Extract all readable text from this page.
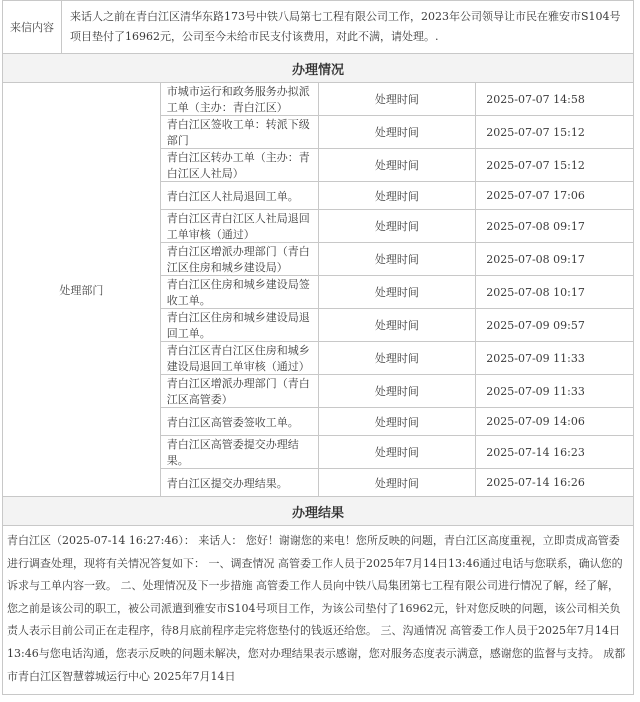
来信内容	来话人之前在青白江区清华东路173号中铁八局第七工程有限公司工作，2023年公司领导让市民在雅安市S104号项目垫付了16962元，公司至今未给市民支付该费用，对此不满，请处理。.
办理情况			
处理部门	市城市运行和政务服务办拟派工单（主办：青白江区）	处理时间	2025-07-07 14:58
	青白江区签收工单：转派下级部门	处理时间	2025-07-07 15:12
	青白江区转办工单（主办：青白江区人社局）	处理时间	2025-07-07 15:12
	青白江区人社局退回工单。	处理时间	2025-07-07 17:06
	青白江区青白江区人社局退回工单审核（通过）	处理时间	2025-07-08 09:17
	青白江区增派办理部门（青白江区住房和城乡建设局）	处理时间	2025-07-08 09:17
	青白江区住房和城乡建设局签收工单。	处理时间	2025-07-08 10:17
	青白江区住房和城乡建设局退回工单。	处理时间	2025-07-09 09:57
	青白江区青白江区住房和城乡建设局退回工单审核（通过）	处理时间	2025-07-09 11:33
	青白江区增派办理部门（青白江区高管委）	处理时间	2025-07-09 11:33
	青白江区高管委签收工单。	处理时间	2025-07-09 14:06
	青白江区高管委提交办理结果。	处理时间	2025-07-14 16:23
	青白江区提交办理结果。	处理时间	2025-07-14 16:26
办理结果
青白江区（2025-07-14 16:27:46）： 来话人： 您好！谢谢您的来电！您所反映的问题，青白江区高度重视，立即责成高管委进行调查处理，现将有关情况答复如下： 一、调查情况 高管委工作人员于2025年7月14日13:46通过电话与您联系，确认您的诉求与工单内容一致。 二、处理情况及下一步措施 高管委工作人员向中铁八局集团第七工程有限公司进行情况了解，经了解，您之前是该公司的职工，被公司派遣到雅安市S104号项目工作，为该公司垫付了16962元，针对您反映的问题，该公司相关负责人表示目前公司正在走程序，待8月底前程序走完将您垫付的钱返还给您。 三、沟通情况 高管委工作人员于2025年7月14日13:46与您电话沟通，您表示反映的问题未解决，您对办理结果表示感谢，您对服务态度表示满意，感谢您的监督与支持。 成都市青白江区智慧蓉城运行中心 2025年7月14日
